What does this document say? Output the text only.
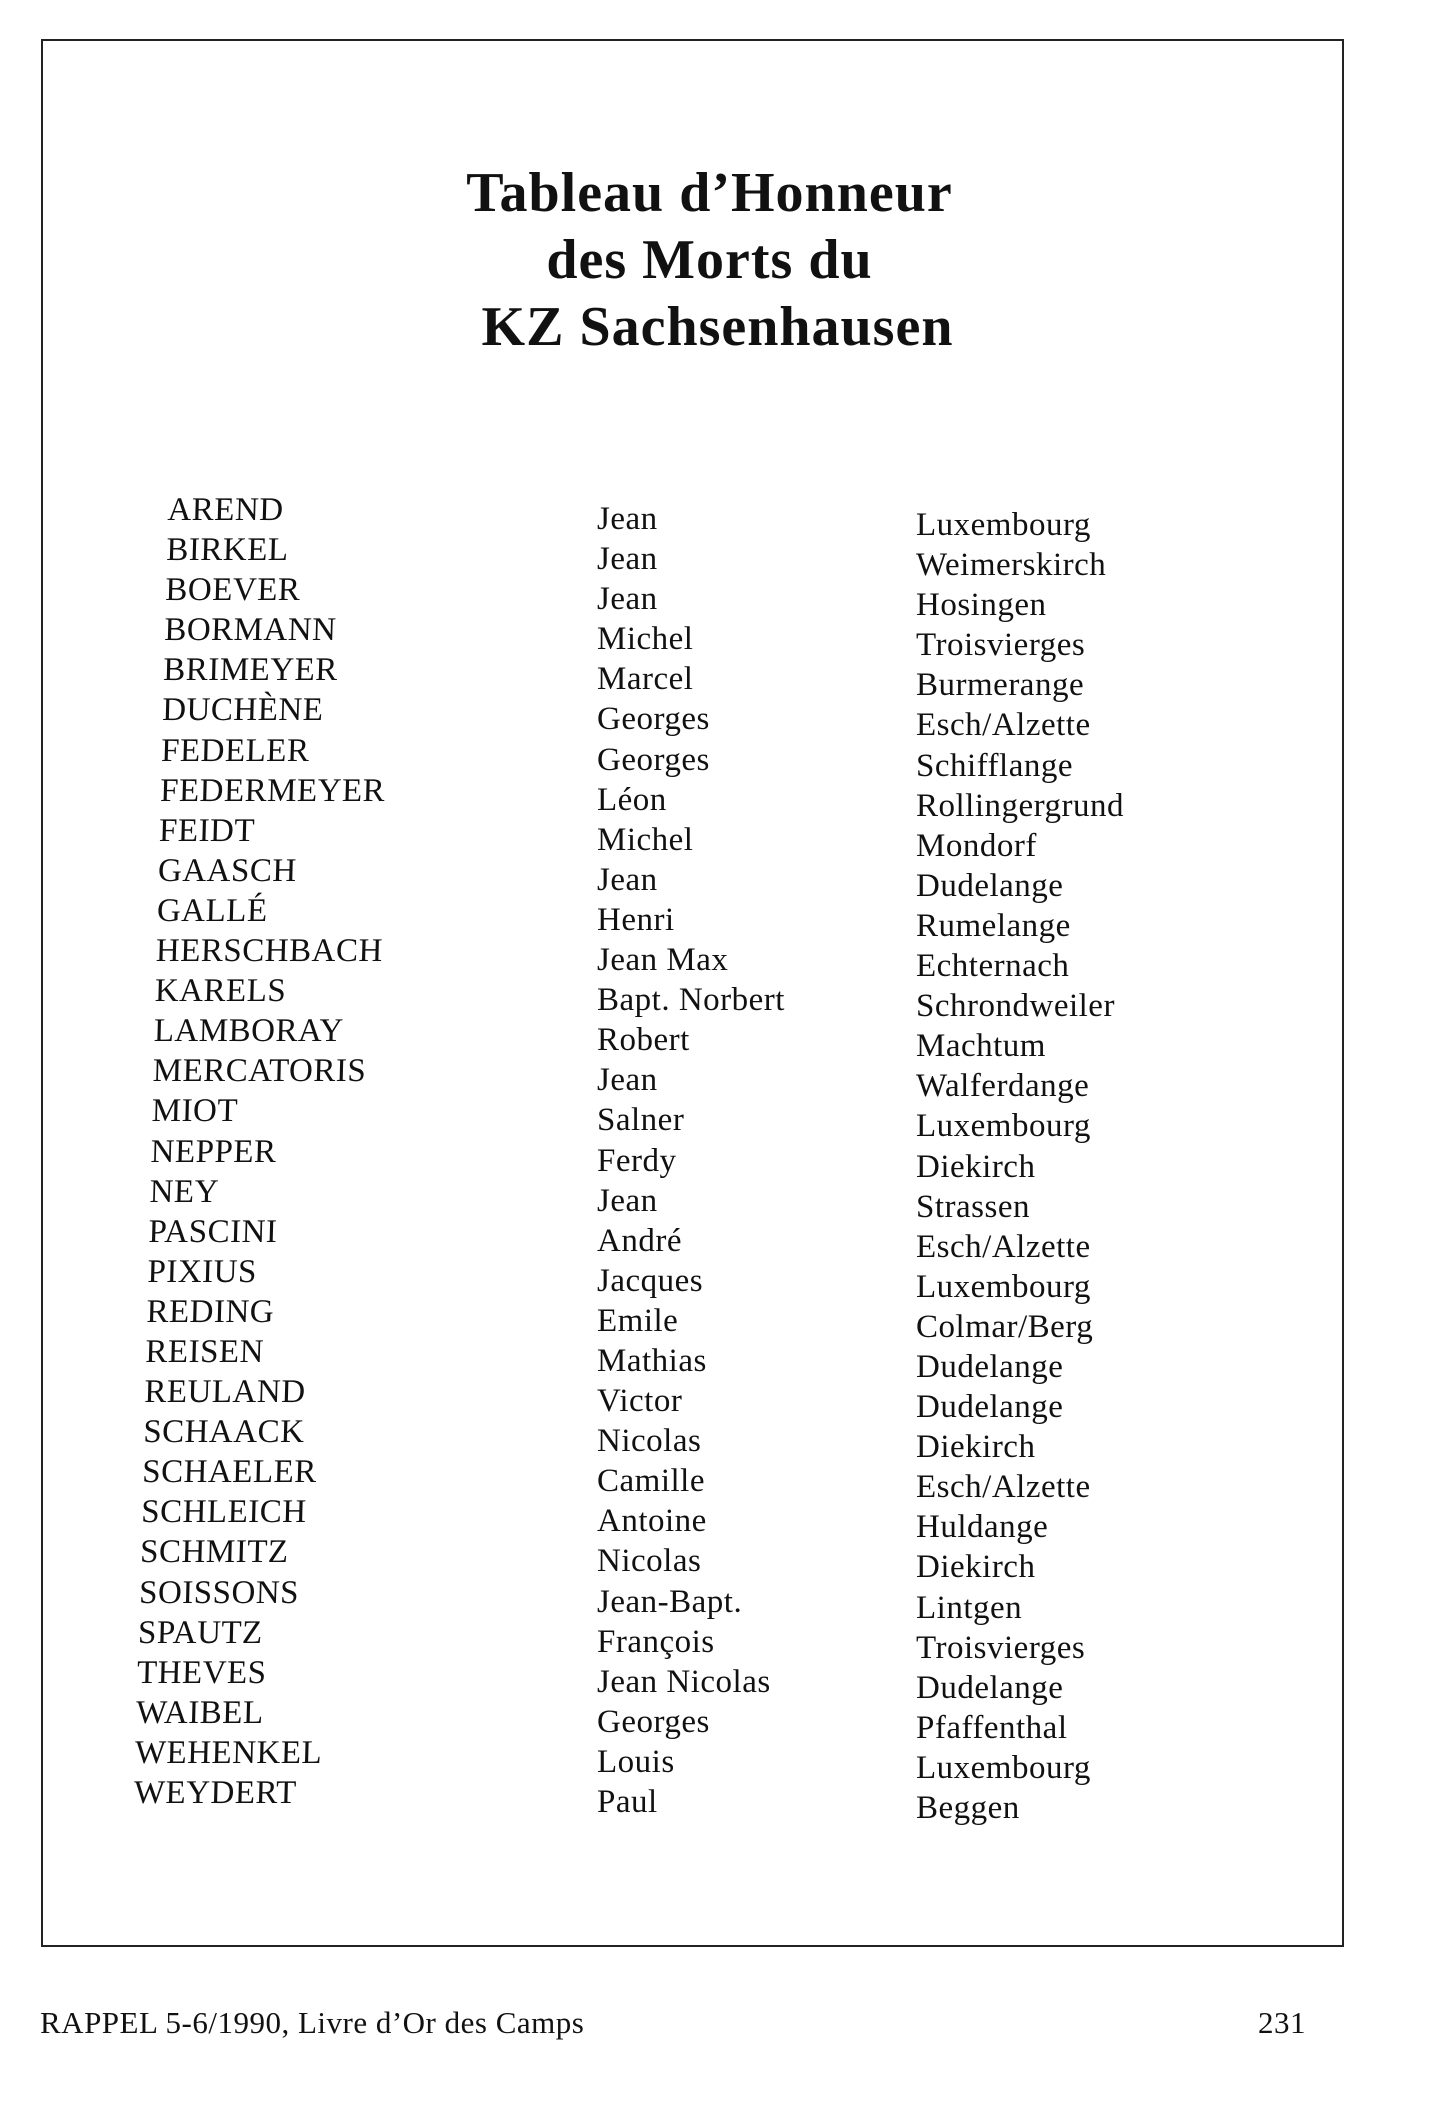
Tableau d’Honneur
des Morts du
KZ Sachsenhausen
AREND
BIRKEL
BOEVER
BORMANN
BRIMEYER
DUCHÈNE
FEDELER
FEDERMEYER
FEIDT
GAASCH
GALLÉ
HERSCHBACH
KARELS
LAMBORAY
MERCATORIS
MIOT
NEPPER
NEY
PASCINI
PIXIUS
REDING
REISEN
REULAND
SCHAACK
SCHAELER
SCHLEICH
SCHMITZ
SOISSONS
SPAUTZ
THEVES
WAIBEL
WEHENKEL
WEYDERT
Jean
Jean
Jean
Michel
Marcel
Georges
Georges
Léon
Michel
Jean
Henri
Jean Max
Bapt. Norbert
Robert
Jean
Salner
Ferdy
Jean
André
Jacques
Emile
Mathias
Victor
Nicolas
Camille
Antoine
Nicolas
Jean-Bapt.
François
Jean Nicolas
Georges
Louis
Paul
Luxembourg
Weimerskirch
Hosingen
Troisvierges
Burmerange
Esch/Alzette
Schifflange
Rollingergrund
Mondorf
Dudelange
Rumelange
Echternach
Schrondweiler
Machtum
Walferdange
Luxembourg
Diekirch
Strassen
Esch/Alzette
Luxembourg
Colmar/Berg
Dudelange
Dudelange
Diekirch
Esch/Alzette
Huldange
Diekirch
Lintgen
Troisvierges
Dudelange
Pfaffenthal
Luxembourg
Beggen
RAPPEL 5-6/1990, Livre d’Or des Camps	231
